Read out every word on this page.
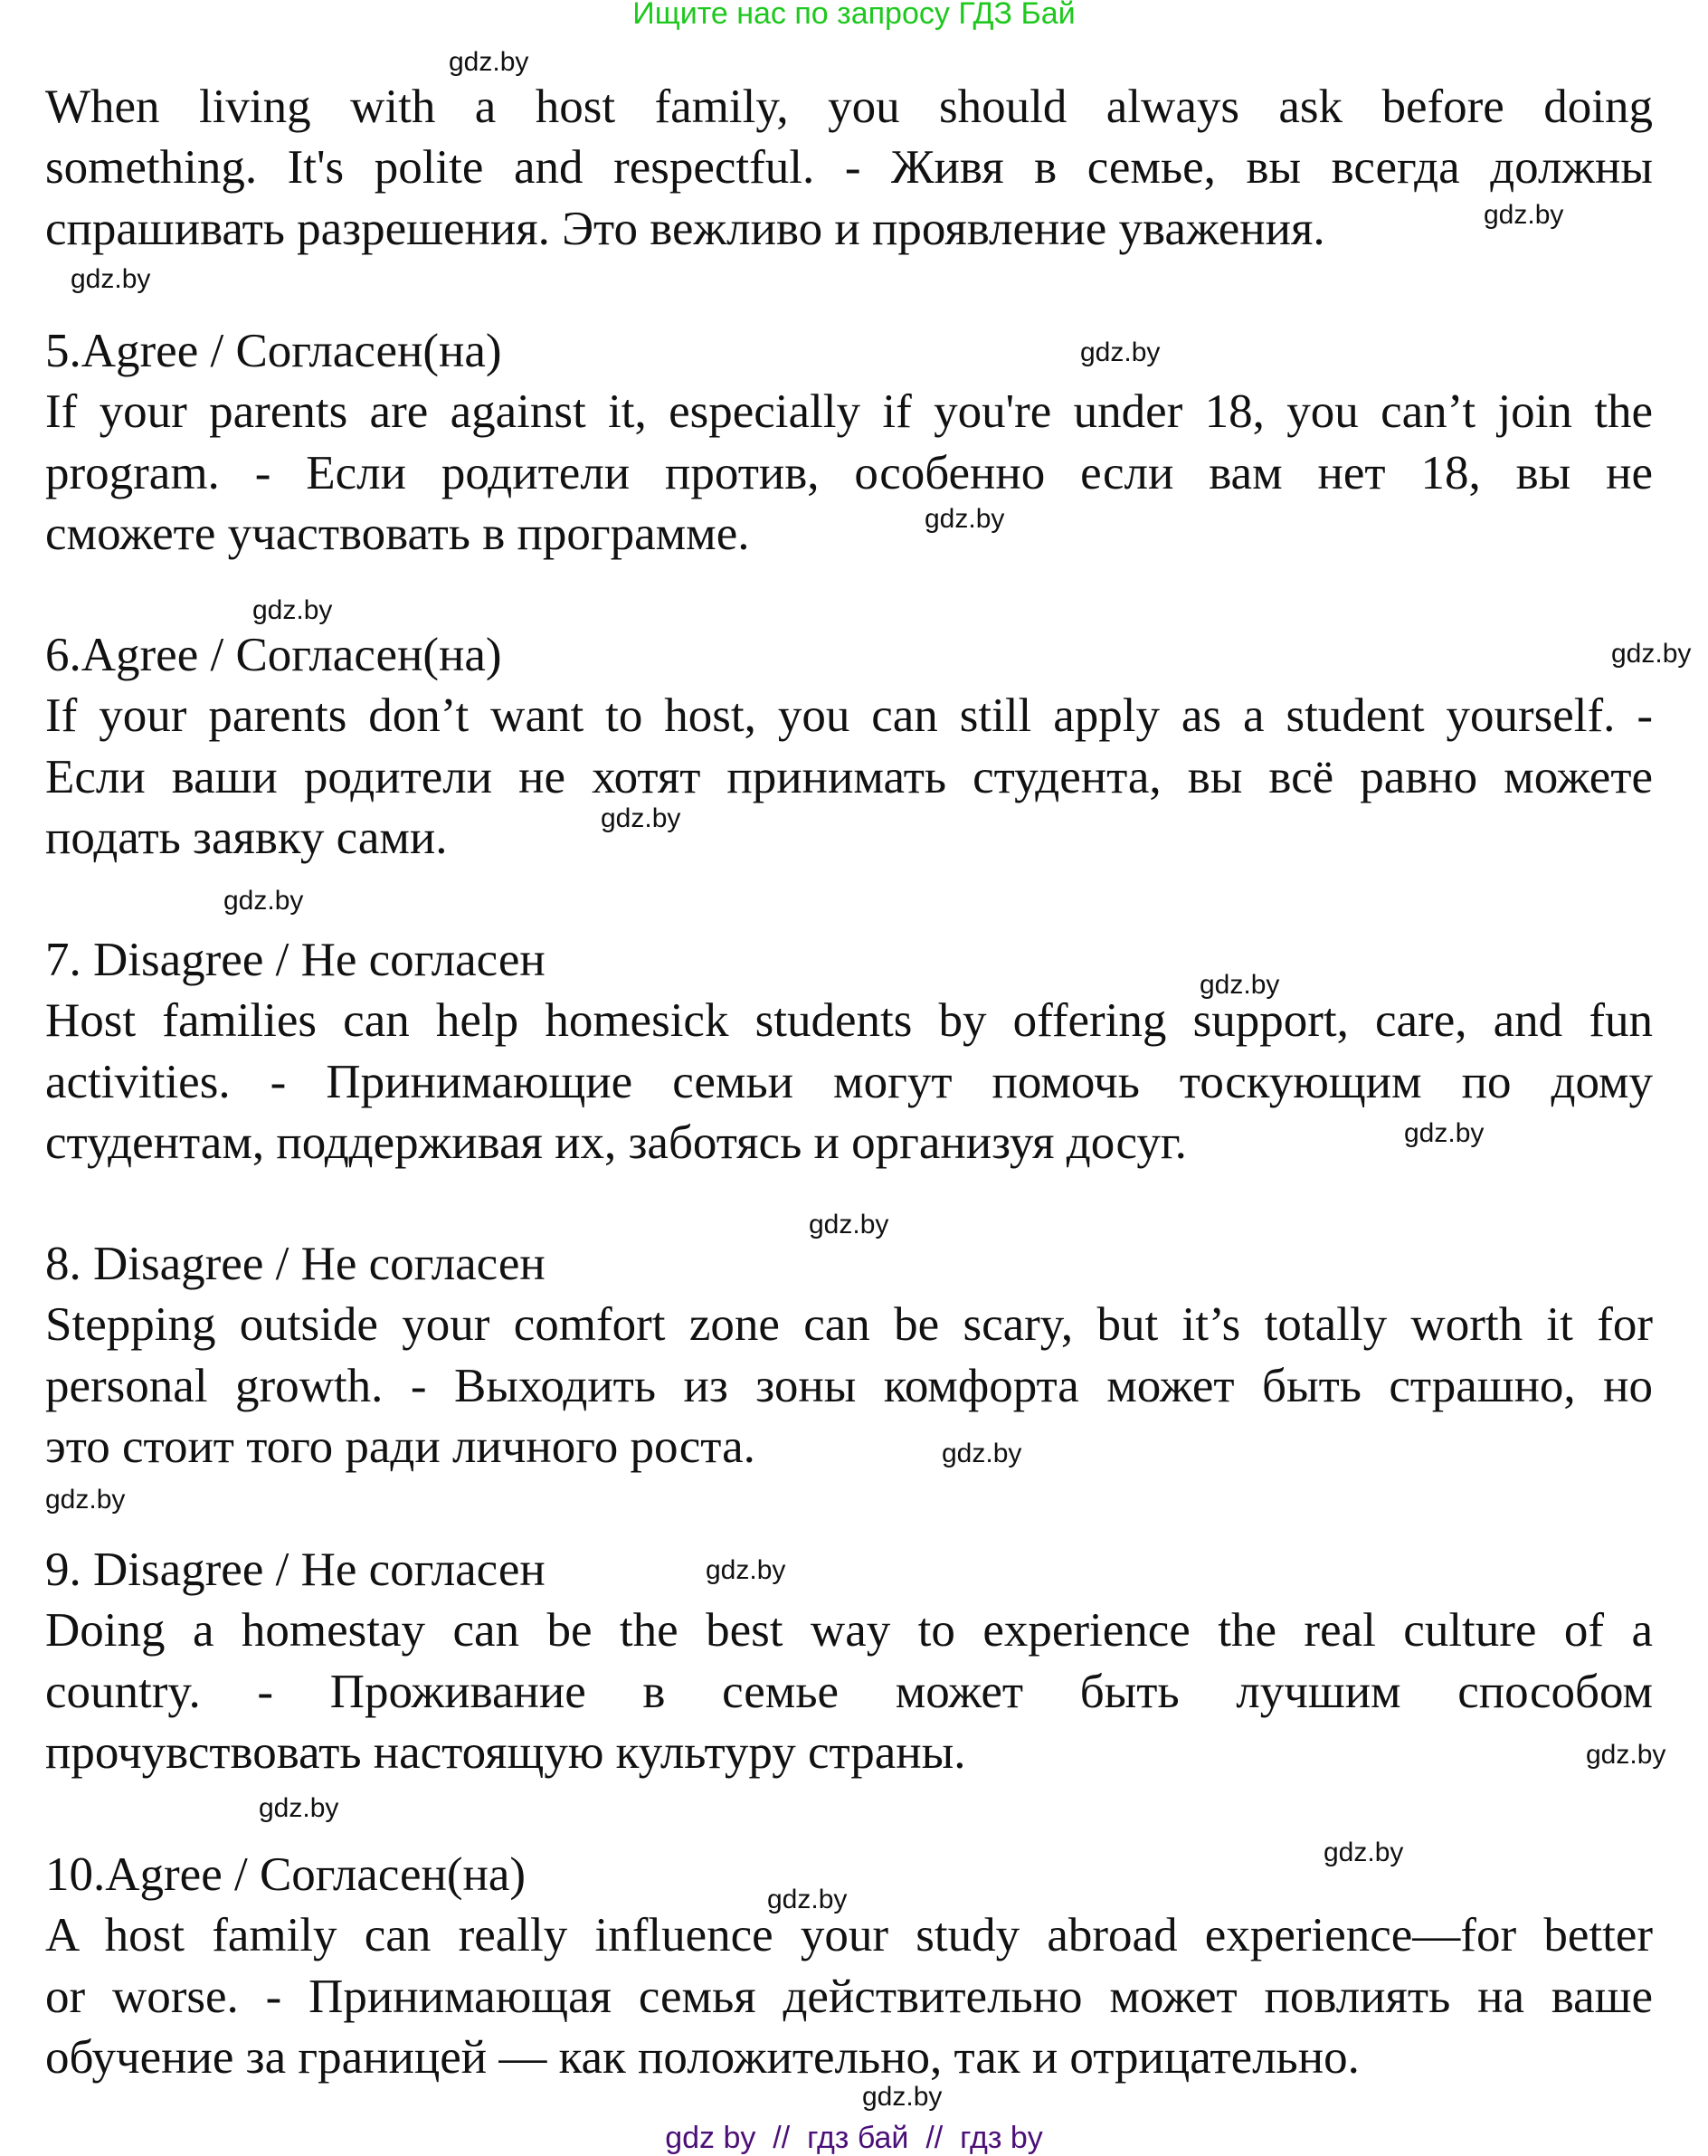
Ищите нас по запросу ГДЗ Бай
When living with a host family, you should always ask before doing
something. It's polite and respectful. - Живя в семье, вы всегда должны
спрашивать разрешения. Это вежливо и проявление уважения.
5.Agree / Согласен(на)
If your parents are against it, especially if you're under 18, you can’t join the
program. - Если родители против, особенно если вам нет 18, вы не
сможете участвовать в программе.
6.Agree / Согласен(на)
If your parents don’t want to host, you can still apply as a student yourself. -
Если ваши родители не хотят принимать студента, вы всё равно можете
подать заявку сами.
7. Disagree / Не согласен
Host families can help homesick students by offering support, care, and fun
activities. - Принимающие семьи могут помочь тоскующим по дому
студентам, поддерживая их, заботясь и организуя досуг.
8. Disagree / Не согласен
Stepping outside your comfort zone can be scary, but it’s totally worth it for
personal growth. - Выходить из зоны комфорта может быть страшно, но
это стоит того ради личного роста.
9. Disagree / Не согласен
Doing a homestay can be the best way to experience the real culture of a
country. - Проживание в семье может быть лучшим способом
прочувствовать настоящую культуру страны.
10.Agree / Согласен(на)
A host family can really influence your study abroad experience—for better
or worse. - Принимающая семья действительно может повлиять на ваше
обучение за границей — как положительно, так и отрицательно.
gdz by  //  гдз бай  //  гдз by
gdz.by
gdz.by
gdz.by
gdz.by
gdz.by
gdz.by
gdz.by
gdz.by
gdz.by
gdz.by
gdz.by
gdz.by
gdz.by
gdz.by
gdz.by
gdz.by
gdz.by
gdz.by
gdz.by
gdz.by
